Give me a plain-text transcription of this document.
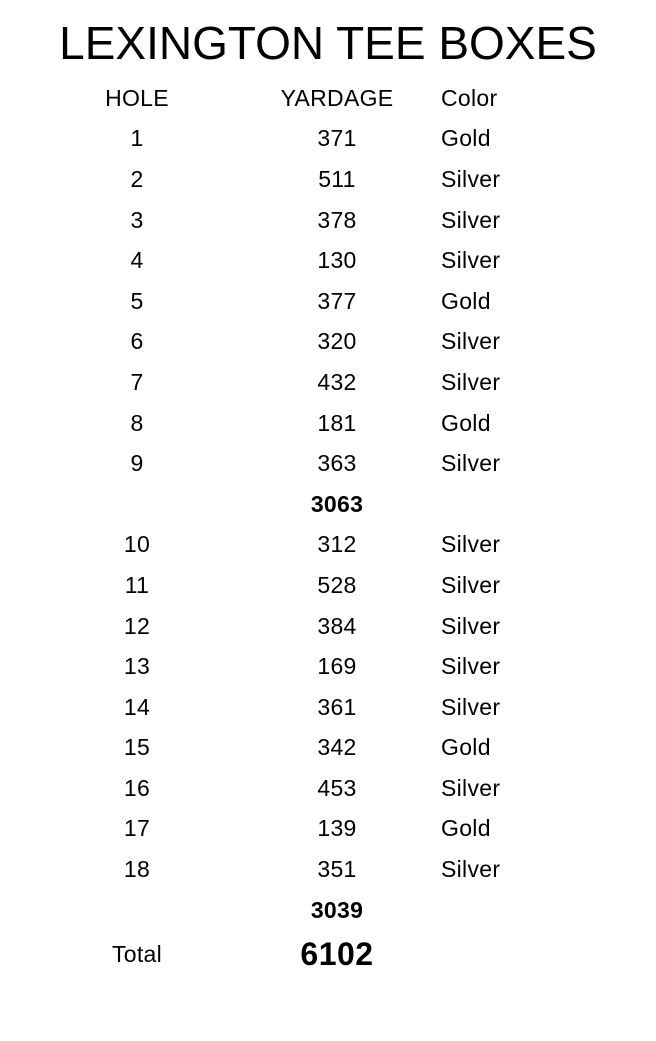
LEXINGTON TEE BOXES
HOLE	YARDAGE	Color
1	371	Gold
2	511	Silver
3	378	Silver
4	130	Silver
5	377	Gold
6	320	Silver
7	432	Silver
8	181	Gold
9	363	Silver
3063
10	312	Silver
11	528	Silver
12	384	Silver
13	169	Silver
14	361	Silver
15	342	Gold
16	453	Silver
17	139	Gold
18	351	Silver
3039
Total	6102
